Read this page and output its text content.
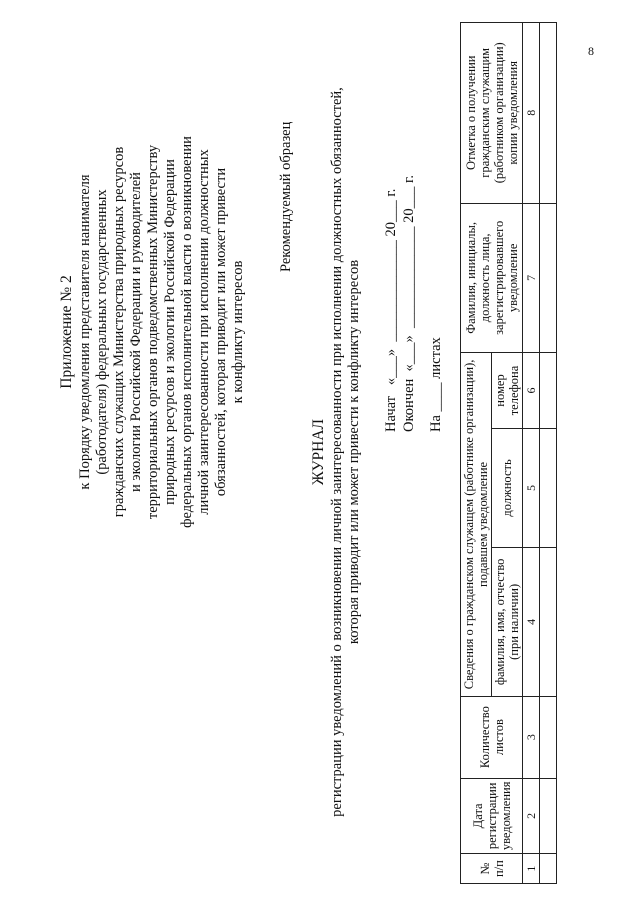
8
Приложение № 2 к Порядку уведомления представителя нанимателя (работодателя) федеральных государственных гражданских служащих Министерства природных ресурсов и экологии Российской Федерации и руководителей территориальных органов подведомственных Министерству природных ресурсов и экологии Российской Федерации федеральных органов исполнительной власти о возникновении личной заинтересованности при исполнении должностных обязанностей, которая приводит или может привести к конфликту интересов
Рекомендуемый образец
ЖУРНАЛ регистрации уведомлений о возникновении личной заинтересованности при исполнении должностных обязанностей, которая приводит или может привести к конфликту интересов Начат   «___»  ______________ 20___ г. Окончен  «___»  ______________ 20___ г. На ____ листах
№ п/п	Дата регистрации уведомления	Количество листов	Сведения о гражданском служащем (работнике организации), подавшем уведомление			Фамилия, инициалы, должность лица, зарегистрировавшего уведомление	Отметка о получении гражданским служащим (работником организации) копии уведомления
			фамилия, имя, отчество (при наличии)	должность	номер телефона		
1	2	3	4	5	6	7	8
